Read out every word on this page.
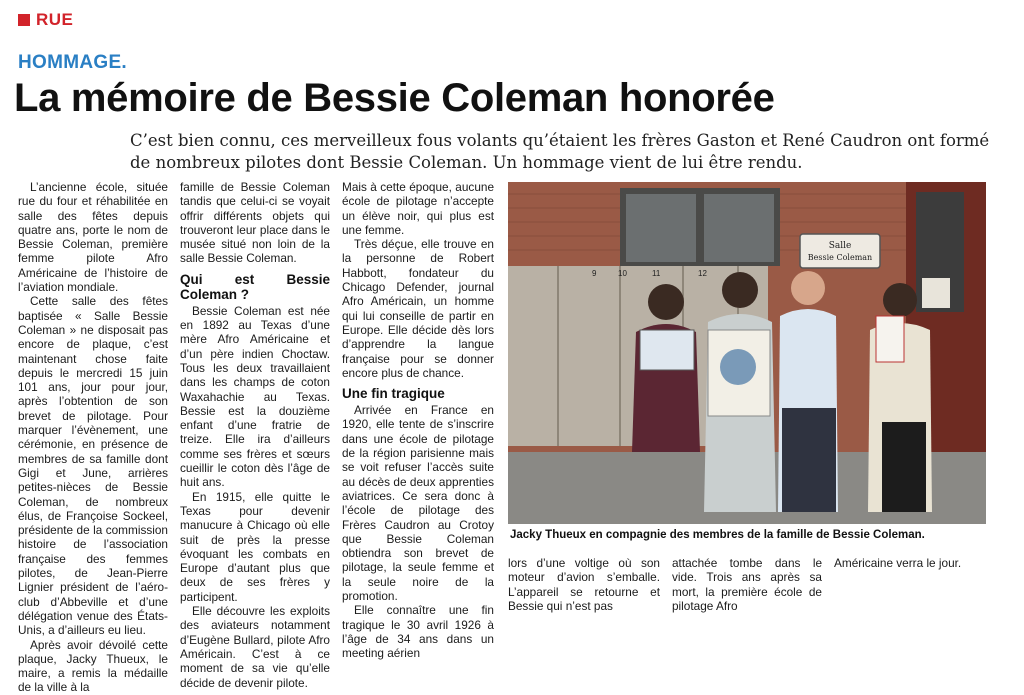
RUE
HOMMAGE.
La mémoire de Bessie Coleman honorée
C’est bien connu, ces merveilleux fous volants qu’étaient les frères Gaston et René Caudron ont formé de nombreux pilotes dont Bessie Coleman. Un hommage vient de lui être rendu.

L’ancienne école, située rue du four et réhabilitée en salle des fêtes depuis quatre ans, porte le nom de Bessie Coleman, première femme pilote Afro Américaine de l’histoire de l’aviation mondiale.

Cette salle des fêtes baptisée « Salle Bessie Coleman » ne disposait pas encore de plaque, c’est maintenant chose faite depuis le mercredi 15 juin 101 ans, jour pour jour, après l’obtention de son brevet de pilotage. Pour marquer l’évènement, une cérémonie, en présence de membres de sa famille dont Gigi et June, arrières petites-nièces de Bessie Coleman, de nombreux élus, de Françoise Sockeel, présidente de la commission histoire de l’association française des femmes pilotes, de Jean-Pierre Lignier président de l’aéro-club d’Abbeville et d’une délégation venue des États-Unis, a d’ailleurs eu lieu.

Après avoir dévoilé cette plaque, Jacky Thueux, le maire, a remis la médaille de la ville à la

famille de Bessie Coleman tandis que celui-ci se voyait offrir différents objets qui trouveront leur place dans le musée situé non loin de la salle Bessie Coleman.

Qui est Bessie Coleman ?

Bessie Coleman est née en 1892 au Texas d’une mère Afro Américaine et d’un père indien Choctaw. Tous les deux travaillaient dans les champs de coton Waxahachie au Texas. Bessie est la douzième enfant d’une fratrie de treize. Elle ira d’ailleurs comme ses frères et sœurs cueillir le coton dès l’âge de huit ans.

En 1915, elle quitte le Texas pour devenir manucure à Chicago où elle suit de près la presse évoquant les combats en Europe d’autant plus que deux de ses frères y participent.

Elle découvre les exploits des aviateurs notamment d’Eugène Bullard, pilote Afro Américain. C’est à ce moment de sa vie qu’elle décide de devenir pilote.

Mais à cette époque, aucune école de pilotage n’accepte un élève noir, qui plus est une femme.

Très déçue, elle trouve en la personne de Robert Habbott, fondateur du Chicago Defender, journal Afro Américain, un homme qui lui conseille de partir en Europe. Elle décide dès lors d’apprendre la langue française pour se donner encore plus de chance.

Une fin tragique

Arrivée en France en 1920, elle tente de s’inscrire dans une école de pilotage de la région parisienne mais se voit refuser l’accès suite au décès de deux apprenties aviatrices. Ce sera donc à l’école de pilotage des Frères Caudron au Crotoy que Bessie Coleman obtiendra son brevet de pilotage, la seule femme et la seule noire de la promotion.

Elle connaître une fin tragique le 30 avril 1926 à l’âge de 34 ans dans un meeting aérien

Salle
Bessie Coleman
9	10	11	12
Jacky Thueux en compagnie des membres de la famille de Bessie Coleman.

lors d’une voltige où son moteur d’avion s’emballe. L’appareil se retourne et Bessie qui n’est pas

attachée tombe dans le vide. Trois ans après sa mort, la première école de pilotage Afro

Américaine verra le jour.
